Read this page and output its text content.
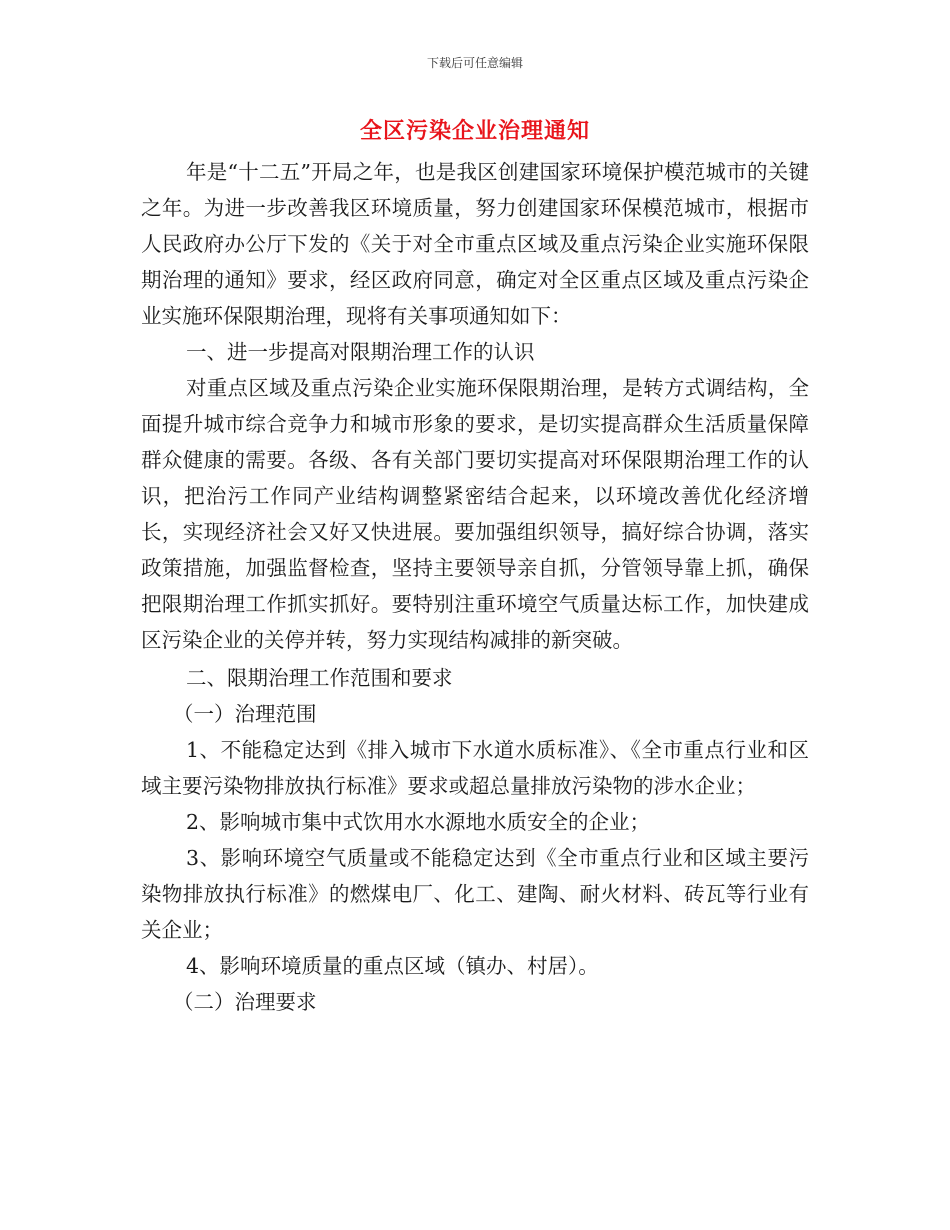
下载后可任意编辑
全区污染企业治理通知

年是“十二五”开局之年，也是我区创建国家环境保护模范城市的关键之年。为进一步改善我区环境质量，努力创建国家环保模范城市，根据市人民政府办公厅下发的《关于对全市重点区域及重点污染企业实施环保限期治理的通知》要求，经区政府同意，确定对全区重点区域及重点污染企业实施环保限期治理，现将有关事项通知如下：

一、进一步提高对限期治理工作的认识

对重点区域及重点污染企业实施环保限期治理，是转方式调结构，全面提升城市综合竞争力和城市形象的要求，是切实提高群众生活质量保障群众健康的需要。各级、各有关部门要切实提高对环保限期治理工作的认识，把治污工作同产业结构调整紧密结合起来，以环境改善优化经济增长，实现经济社会又好又快进展。要加强组织领导，搞好综合协调，落实政策措施，加强监督检查，坚持主要领导亲自抓，分管领导靠上抓，确保把限期治理工作抓实抓好。要特别注重环境空气质量达标工作，加快建成区污染企业的关停并转，努力实现结构减排的新突破。

二、限期治理工作范围和要求

（一）治理范围

1、不能稳定达到《排入城市下水道水质标准》、《全市重点行业和区域主要污染物排放执行标准》要求或超总量排放污染物的涉水企业；

2、影响城市集中式饮用水水源地水质安全的企业；

3、影响环境空气质量或不能稳定达到《全市重点行业和区域主要污染物排放执行标准》的燃煤电厂、化工、建陶、耐火材料、砖瓦等行业有关企业；

4、影响环境质量的重点区域（镇办、村居）。

（二）治理要求
